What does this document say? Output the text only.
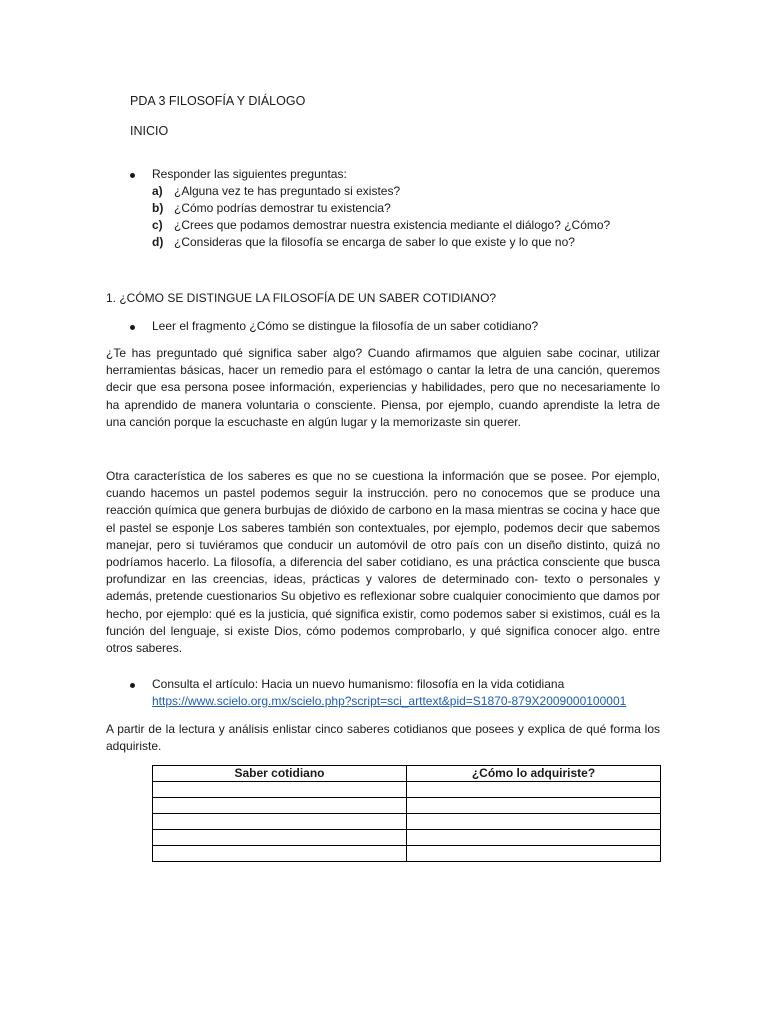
PDA 3 FILOSOFÍA Y DIÁLOGO
INICIO
Responder las siguientes preguntas:
a) ¿Alguna vez te has preguntado si existes?
b) ¿Cómo podrías demostrar tu existencia?
c) ¿Crees que podamos demostrar nuestra existencia mediante el diálogo? ¿Cómo?
d) ¿Consideras que la filosofía se encarga de saber lo que existe y lo que no?
1. ¿CÓMO SE DISTINGUE LA FILOSOFÍA DE UN SABER COTIDIANO?
Leer el fragmento ¿Cómo se distingue la filosofía de un saber cotidiano?
¿Te has preguntado qué significa saber algo? Cuando afirmamos que alguien sabe cocinar, utilizar herramientas básicas, hacer un remedio para el estómago o cantar la letra de una canción, queremos decir que esa persona posee información, experiencias y habilidades, pero que no necesariamente lo ha aprendido de manera voluntaria o consciente. Piensa, por ejemplo, cuando aprendiste la letra de una canción porque la escuchaste en algún lugar y la memorizaste sin querer.
Otra característica de los saberes es que no se cuestiona la información que se posee. Por ejemplo, cuando hacemos un pastel podemos seguir la instrucción. pero no conocemos que se produce una reacción química que genera burbujas de dióxido de carbono en la masa mientras se cocina y hace que el pastel se esponje Los saberes también son contextuales, por ejemplo, podemos decir que sabemos manejar, pero si tuviéramos que conducir un automóvil de otro país con un diseño distinto, quizá no podríamos hacerlo. La filosofía, a diferencia del saber cotidiano, es una práctica consciente que busca profundizar en las creencias, ideas, prácticas y valores de determinado con- texto o personales y además, pretende cuestionarios Su objetivo es reflexionar sobre cualquier conocimiento que damos por hecho, por ejemplo: qué es la justicia, qué significa existir, como podemos saber si existimos, cuál es la función del lenguaje, si existe Dios, cómo podemos comprobarlo, y qué significa conocer algo. entre otros saberes.
Consulta el artículo: Hacia un nuevo humanismo: filosofía en la vida cotidiana
https://www.scielo.org.mx/scielo.php?script=sci_arttext&pid=S1870-879X2009000100001
A partir de la lectura y análisis enlistar cinco saberes cotidianos que posees y explica de qué forma los adquiriste.
Saber cotidiano	¿Cómo lo adquiriste?
